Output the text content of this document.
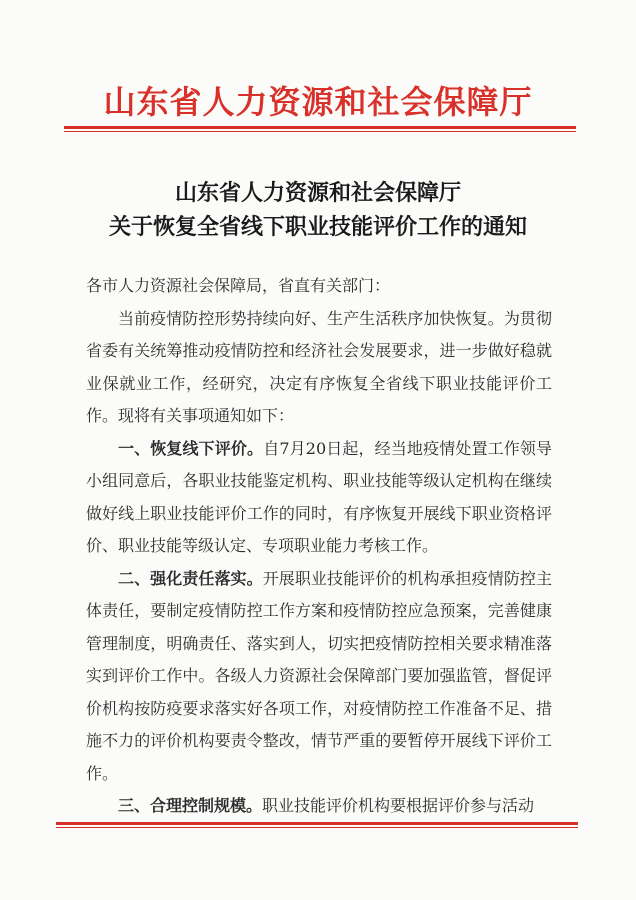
山东省人力资源和社会保障厅
山东省人力资源和社会保障厅
关于恢复全省线下职业技能评价工作的通知

各市人力资源社会保障局，省直有关部门：

当前疫情防控形势持续向好、生产生活秩序加快恢复。为贯彻省委有关统筹推动疫情防控和经济社会发展要求，进一步做好稳就业保就业工作，经研究，决定有序恢复全省线下职业技能评价工作。现将有关事项通知如下：

一、恢复线下评价。自7月20日起，经当地疫情处置工作领导小组同意后，各职业技能鉴定机构、职业技能等级认定机构在继续做好线上职业技能评价工作的同时，有序恢复开展线下职业资格评价、职业技能等级认定、专项职业能力考核工作。

二、强化责任落实。开展职业技能评价的机构承担疫情防控主体责任，要制定疫情防控工作方案和疫情防控应急预案，完善健康管理制度，明确责任、落实到人，切实把疫情防控相关要求精准落实到评价工作中。各级人力资源社会保障部门要加强监管，督促评价机构按防疫要求落实好各项工作，对疫情防控工作准备不足、措施不力的评价机构要责令整改，情节严重的要暂停开展线下评价工作。

三、合理控制规模。职业技能评价机构要根据评价参与活动
